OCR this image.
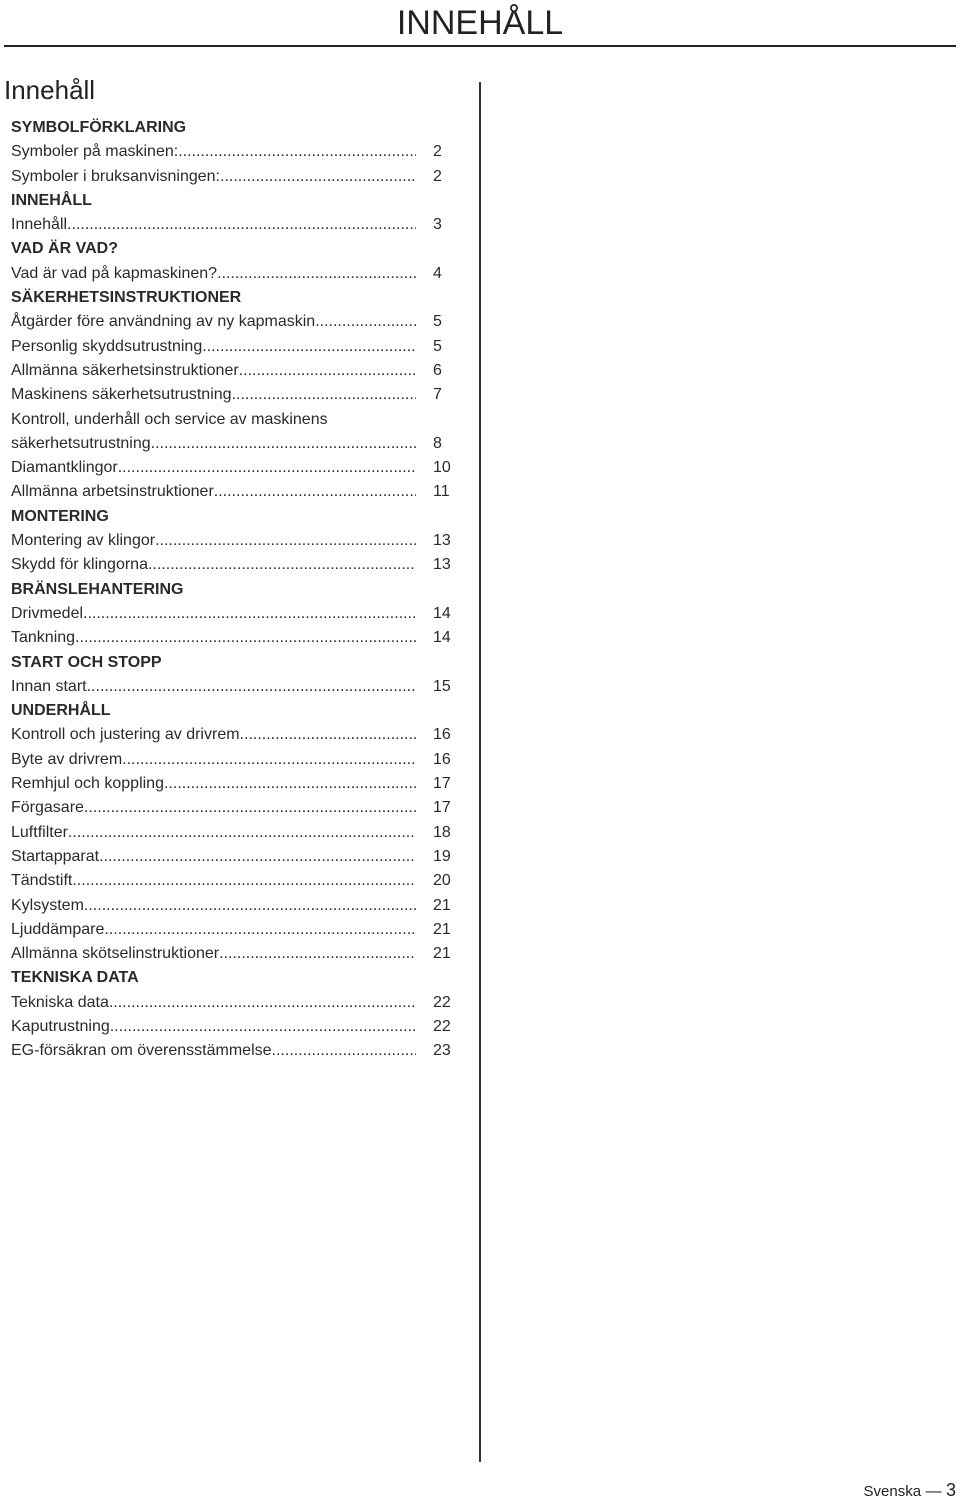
INNEHÅLL
Innehåll
SYMBOLFÖRKLARING
Symboler på maskinen: .....	2
Symboler i bruksanvisningen: .....	2
INNEHÅLL
Innehåll .....	3
VAD ÄR VAD?
Vad är vad på kapmaskinen? .....	4
SÄKERHETSINSTRUKTIONER
Åtgärder före användning av ny kapmaskin .....	5
Personlig skyddsutrustning .....	5
Allmänna säkerhetsinstruktioner .....	6
Maskinens säkerhetsutrustning .....	7
Kontroll, underhåll och service av maskinens
säkerhetsutrustning .....	8
Diamantklingor .....	10
Allmänna arbetsinstruktioner .....	11
MONTERING
Montering av klingor .....	13
Skydd för klingorna .....	13
BRÄNSLEHANTERING
Drivmedel .....	14
Tankning .....	14
START OCH STOPP
Innan start .....	15
UNDERHÅLL
Kontroll och justering av drivrem .....	16
Byte av drivrem .....	16
Remhjul och koppling .....	17
Förgasare .....	17
Luftfilter .....	18
Startapparat .....	19
Tändstift .....	20
Kylsystem .....	21
Ljuddämpare .....	21
Allmänna skötselinstruktioner .....	21
TEKNISKA DATA
Tekniska data .....	22
Kaputrustning .....	22
EG-försäkran om överensstämmelse .....	23
Svenska — 3
